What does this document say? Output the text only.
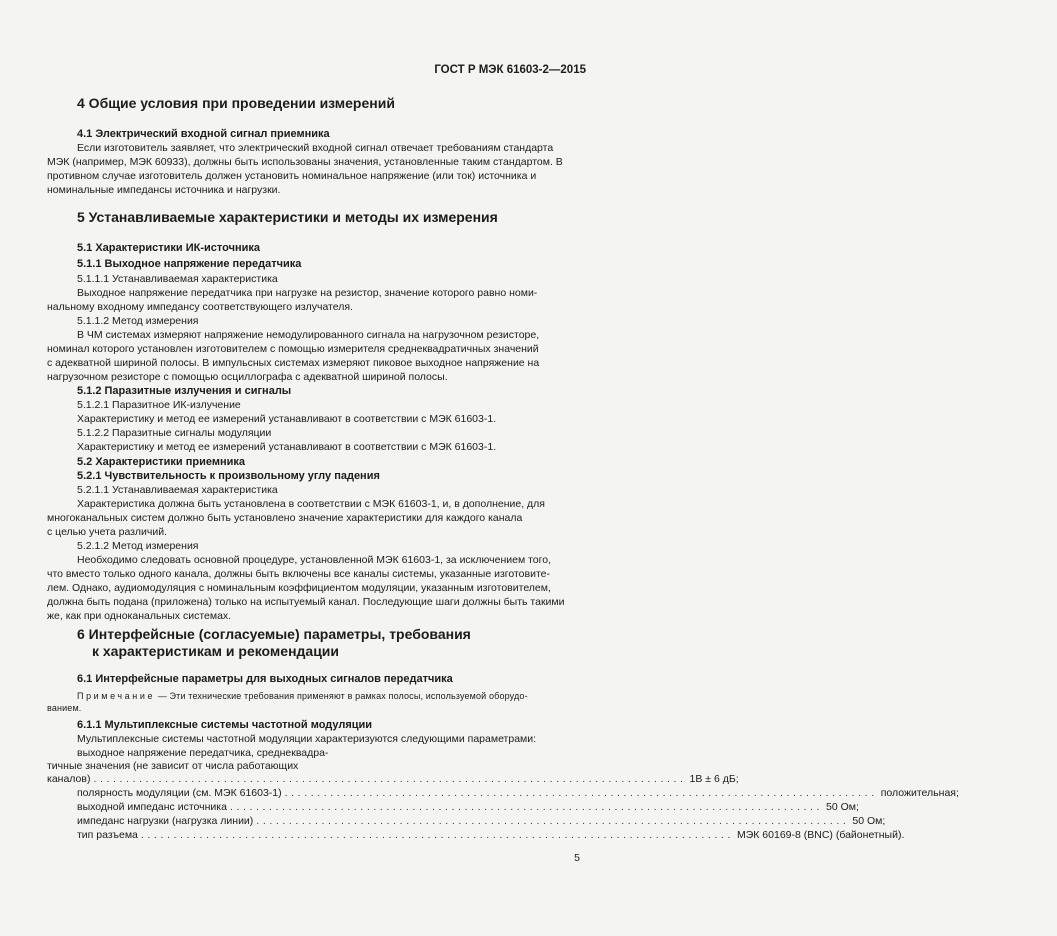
ГОСТ Р МЭК 61603-2—2015
4 Общие условия при проведении измерений
4.1 Электрический входной сигнал приемника
Если изготовитель заявляет, что электрический входной сигнал отвечает требованиям стандарта
МЭК (например, МЭК 60933), должны быть использованы значения, установленные таким стандартом. В
противном случае изготовитель должен установить номинальное напряжение (или ток) источника и
номинальные импедансы источника и нагрузки.
5 Устанавливаемые характеристики и методы их измерения
5.1 Характеристики ИК-источника
5.1.1 Выходное напряжение передатчика
5.1.1.1 Устанавливаемая характеристика
Выходное напряжение передатчика при нагрузке на резистор, значение которого равно номи-
нальному входному импедансу соответствующего излучателя.
5.1.1.2 Метод измерения
В ЧМ системах измеряют напряжение немодулированного сигнала на нагрузочном резисторе,
номинал которого установлен изготовителем с помощью измерителя среднеквадратичных значений
с адекватной шириной полосы. В импульсных системах измеряют пиковое выходное напряжение на
нагрузочном резисторе с помощью осциллографа с адекватной шириной полосы.
5.1.2 Паразитные излучения и сигналы
5.1.2.1 Паразитное ИК-излучение
Характеристику и метод ее измерений устанавливают в соответствии с МЭК 61603-1.
5.1.2.2 Паразитные сигналы модуляции
Характеристику и метод ее измерений устанавливают в соответствии с МЭК 61603-1.
5.2 Характеристики приемника
5.2.1 Чувствительность к произвольному углу падения
5.2.1.1 Устанавливаемая характеристика
Характеристика должна быть установлена в соответствии с МЭК 61603-1, и, в дополнение, для
многоканальных систем должно быть установлено значение характеристики для каждого канала
с целью учета различий.
5.2.1.2 Метод измерения
Необходимо следовать основной процедуре, установленной МЭК 61603-1, за исключением того,
что вместо только одного канала, должны быть включены все каналы системы, указанные изготовите-
лем. Однако, аудиомодуляция с номинальным коэффициентом модуляции, указанным изготовителем,
должна быть подана (приложена) только на испытуемый канал. Последующие шаги должны быть такими
же, как при одноканальных системах.
6 Интерфейсные (согласуемые) параметры, требования
к характеристикам и рекомендации
6.1 Интерфейсные параметры для выходных сигналов передатчика
Примечание — Эти технические требования применяют в рамках полосы, используемой оборудо-
ванием.
6.1.1 Мультиплексные системы частотной модуляции
Мультиплексные системы частотной модуляции характеризуются следующими параметрами:
выходное напряжение передатчика, среднеквадра-
тичные значения (не зависит от числа работающих
каналов) ........................................................................................... 1В ± 6 дБ;
полярность модуляции (см. МЭК 61603-1) ........................................................................................... положительная;
выходной импеданс источника ........................................................................................... 50 Ом;
импеданс нагрузки (нагрузка линии) ........................................................................................... 50 Ом;
тип разъема ........................................................................................... МЭК 60169-8 (BNC) (байонетный).
5
